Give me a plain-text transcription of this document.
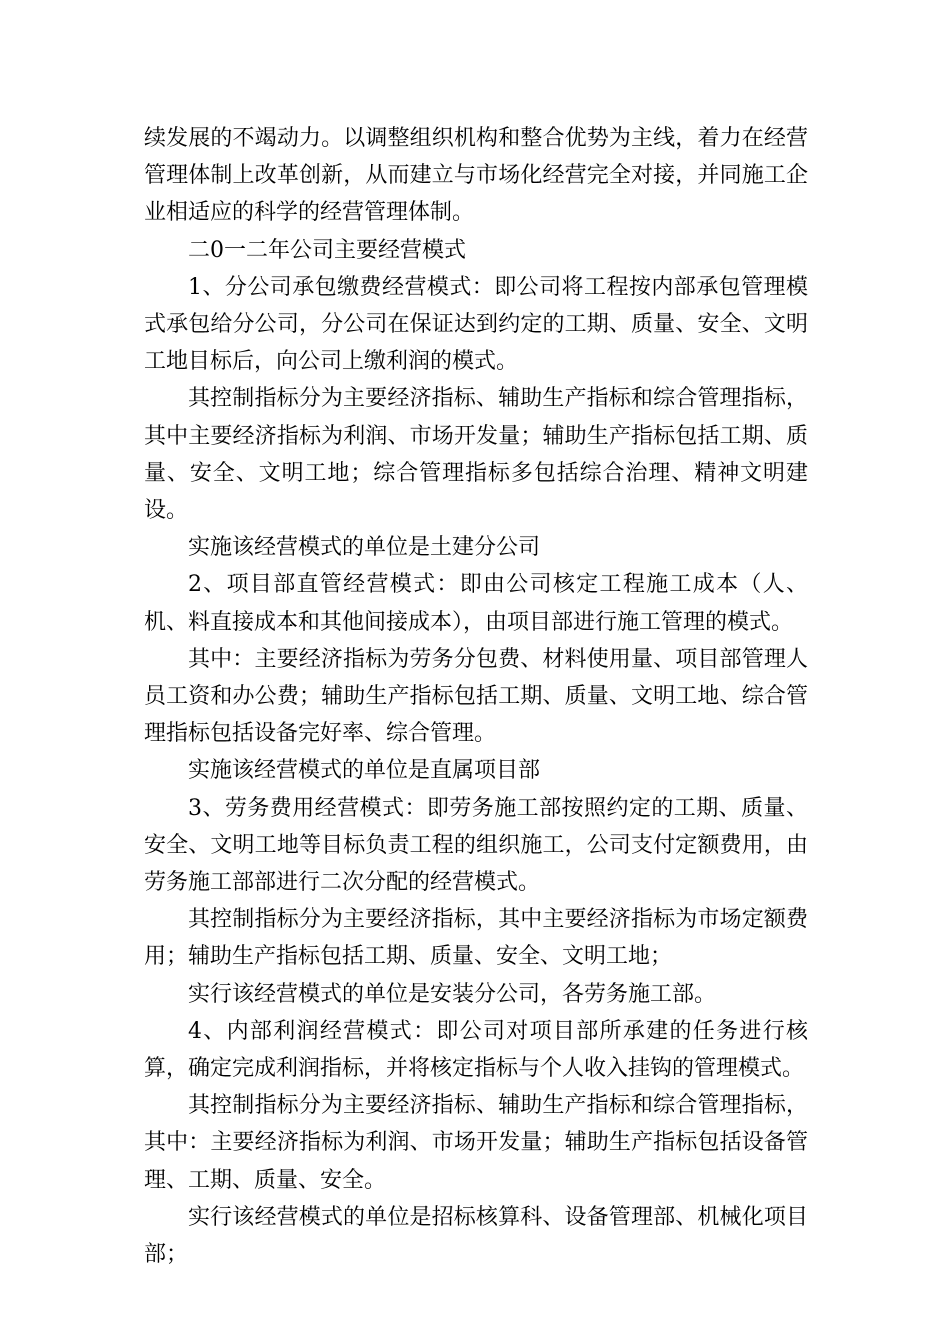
续发展的不竭动力。以调整组织机构和整合优势为主线，着力在经营管理体制上改革创新，从而建立与市场化经营完全对接，并同施工企业相适应的科学的经营管理体制。

二0一二年公司主要经营模式

1、分公司承包缴费经营模式：即公司将工程按内部承包管理模式承包给分公司，分公司在保证达到约定的工期、质量、安全、文明工地目标后，向公司上缴利润的模式。

其控制指标分为主要经济指标、辅助生产指标和综合管理指标，其中主要经济指标为利润、市场开发量；辅助生产指标包括工期、质量、安全、文明工地；综合管理指标多包括综合治理、精神文明建设。

实施该经营模式的单位是土建分公司

2、项目部直管经营模式：即由公司核定工程施工成本（人、机、料直接成本和其他间接成本），由项目部进行施工管理的模式。

其中：主要经济指标为劳务分包费、材料使用量、项目部管理人员工资和办公费；辅助生产指标包括工期、质量、文明工地、综合管理指标包括设备完好率、综合管理。

实施该经营模式的单位是直属项目部

3、劳务费用经营模式：即劳务施工部按照约定的工期、质量、安全、文明工地等目标负责工程的组织施工，公司支付定额费用，由劳务施工部部进行二次分配的经营模式。

其控制指标分为主要经济指标，其中主要经济指标为市场定额费用；辅助生产指标包括工期、质量、安全、文明工地；

实行该经营模式的单位是安装分公司，各劳务施工部。

4、内部利润经营模式：即公司对项目部所承建的任务进行核算，确定完成利润指标，并将核定指标与个人收入挂钩的管理模式。

其控制指标分为主要经济指标、辅助生产指标和综合管理指标，其中：主要经济指标为利润、市场开发量；辅助生产指标包括设备管理、工期、质量、安全。

实行该经营模式的单位是招标核算科、设备管理部、机械化项目部；
